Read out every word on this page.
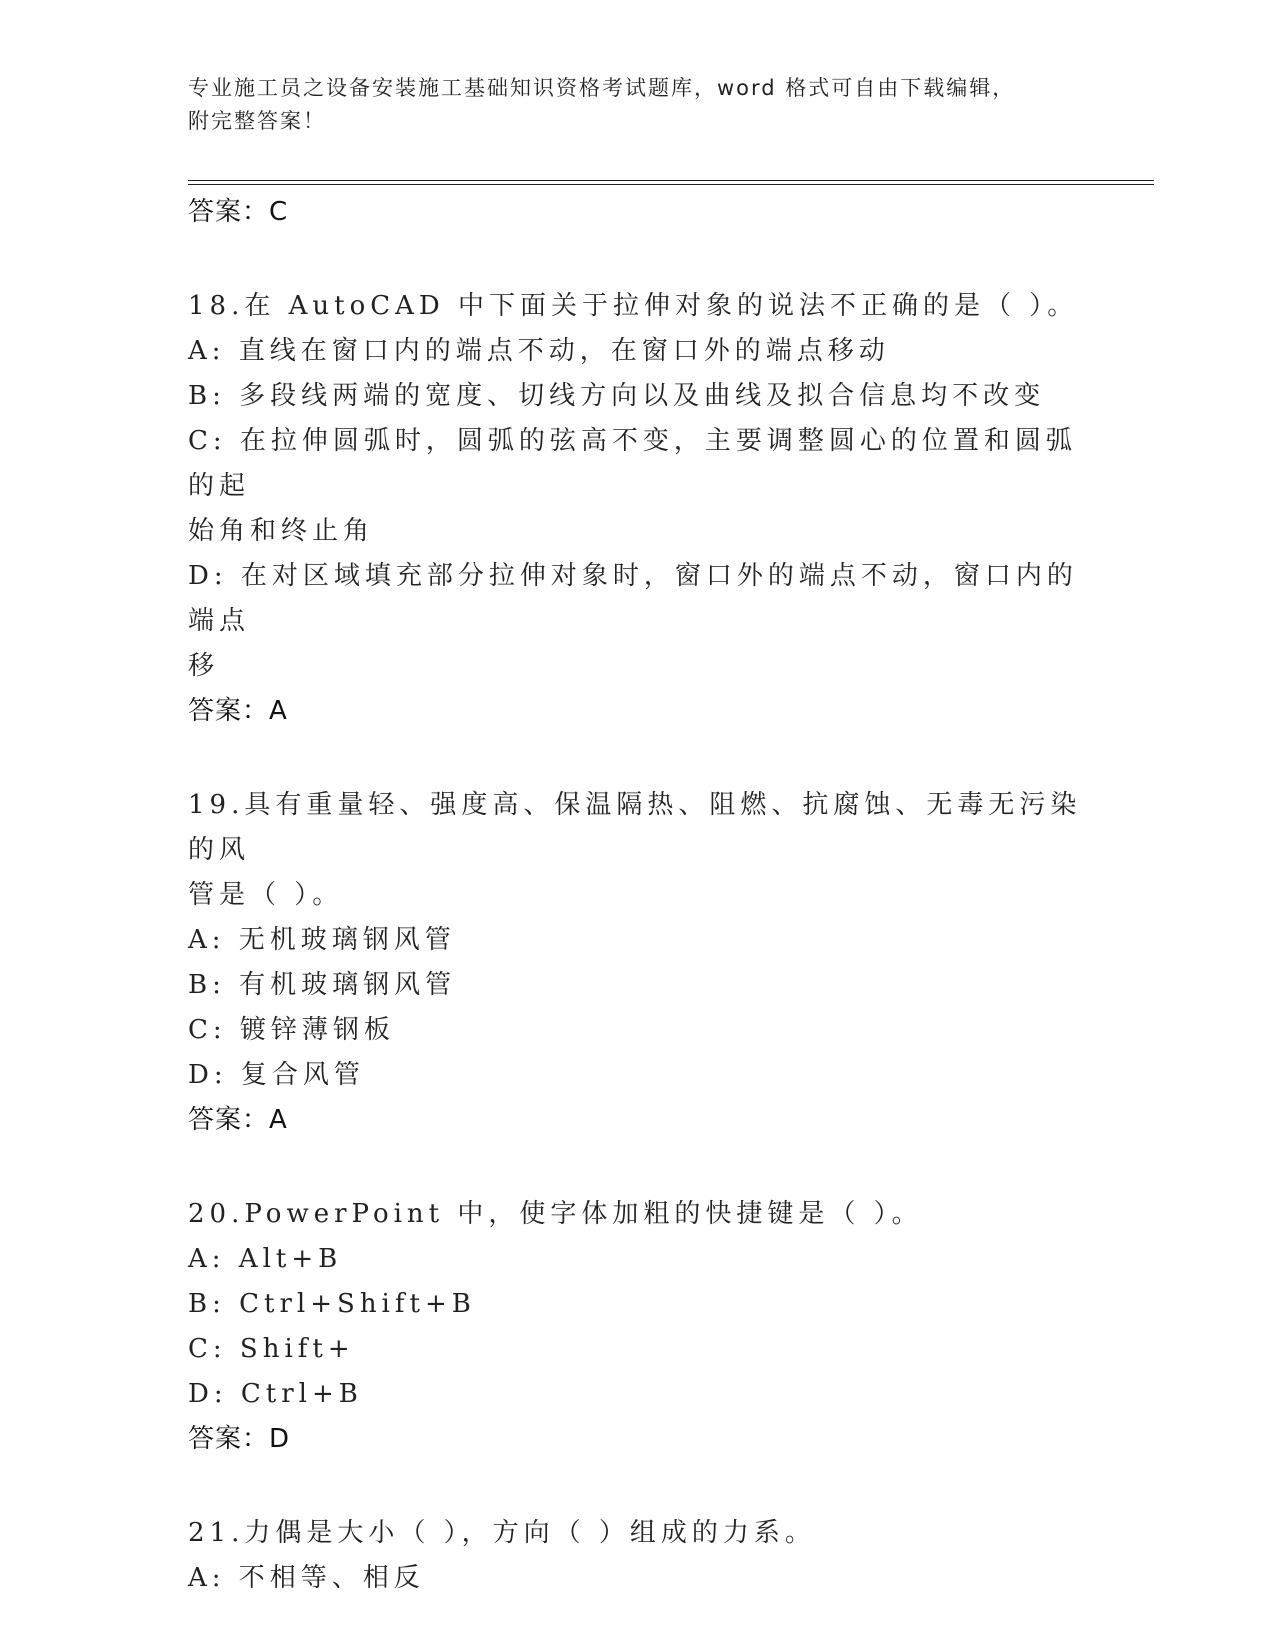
专业施工员之设备安装施工基础知识资格考试题库，word 格式可自由下载编辑，
附完整答案！
答案：C
18.在 AutoCAD 中下面关于拉伸对象的说法不正确的是（ ）。
A: 直线在窗口内的端点不动，在窗口外的端点移动
B: 多段线两端的宽度、切线方向以及曲线及拟合信息均不改变
C: 在拉伸圆弧时，圆弧的弦高不变，主要调整圆心的位置和圆弧的起
始角和终止角
D: 在对区域填充部分拉伸对象时，窗口外的端点不动，窗口内的端点
移
答案：A
19.具有重量轻、强度高、保温隔热、阻燃、抗腐蚀、无毒无污染的风
管是（ ）。
A: 无机玻璃钢风管
B: 有机玻璃钢风管
C: 镀锌薄钢板
D: 复合风管
答案：A
20.PowerPoint 中，使字体加粗的快捷键是（ ）。
A: Alt+B
B: Ctrl+Shift+B
C: Shift+
D: Ctrl+B
答案：D
21.力偶是大小（ ），方向（ ）组成的力系。
A: 不相等、相反
